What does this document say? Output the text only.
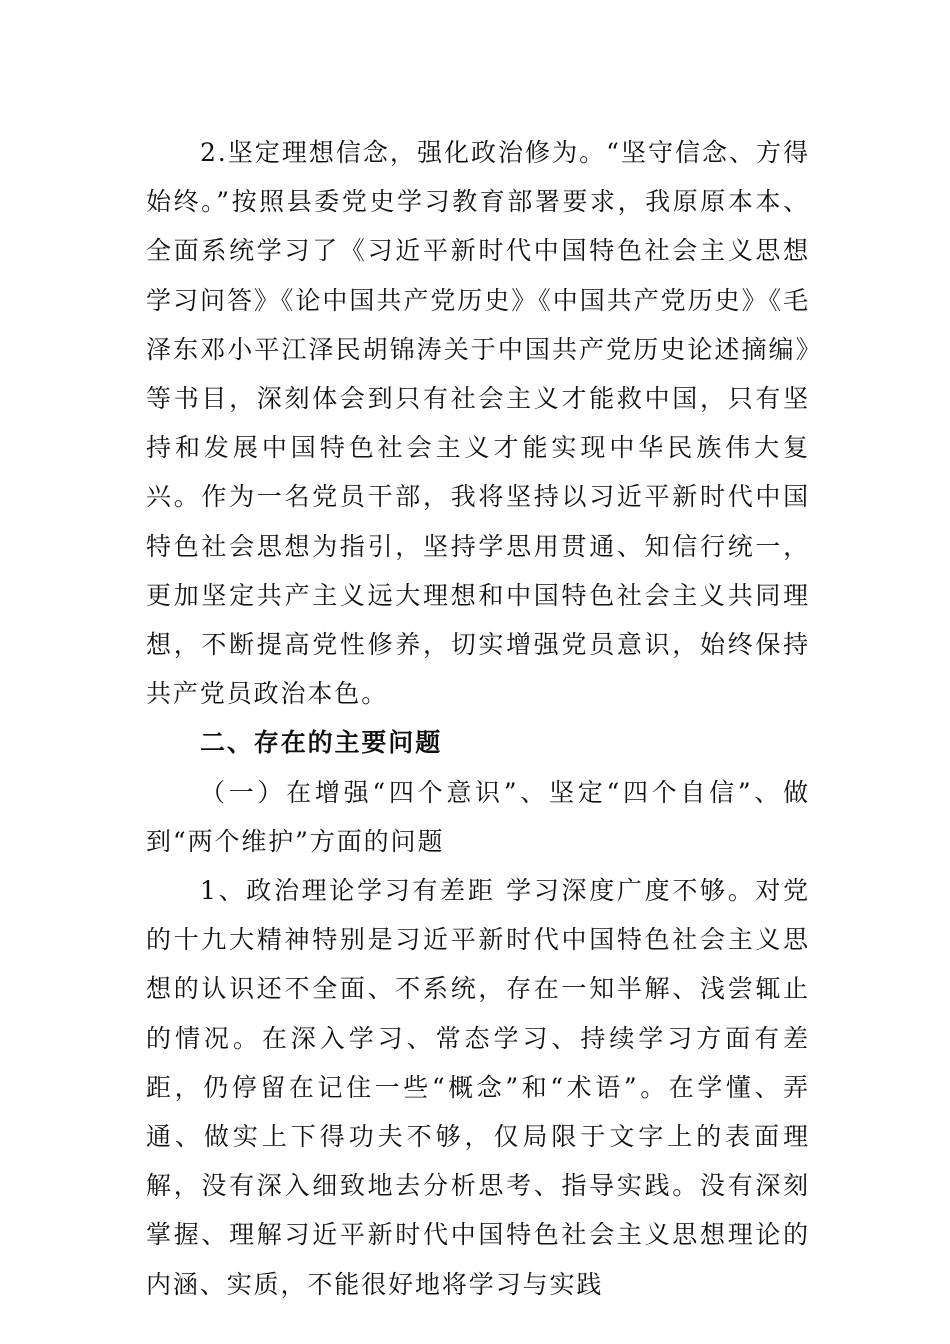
2.坚定理想信念，强化政治修为。“坚守信念、方得始终。”按照县委党史学习教育部署要求，我原原本本、全面系统学习了《习近平新时代中国特色社会主义思想学习问答》《论中国共产党历史》《中国共产党历史》《毛泽东邓小平江泽民胡锦涛关于中国共产党历史论述摘编》等书目，深刻体会到只有社会主义才能救中国，只有坚持和发展中国特色社会主义才能实现中华民族伟大复兴。作为一名党员干部，我将坚持以习近平新时代中国特色社会思想为指引，坚持学思用贯通、知信行统一，更加坚定共产主义远大理想和中国特色社会主义共同理想，不断提高党性修养，切实增强党员意识，始终保持共产党员政治本色。

二、存在的主要问题

（一）在增强“四个意识”、坚定“四个自信”、做到“两个维护”方面的问题

1、政治理论学习有差距 学习深度广度不够。对党的十九大精神特别是习近平新时代中国特色社会主义思想的认识还不全面、不系统，存在一知半解、浅尝辄止的情况。在深入学习、常态学习、持续学习方面有差距，仍停留在记住一些“概念”和“术语”。在学懂、弄通、做实上下得功夫不够，仅局限于文字上的表面理解，没有深入细致地去分析思考、指导实践。没有深刻掌握、理解习近平新时代中国特色社会主义思想理论的内涵、实质，不能很好地将学习与实践
